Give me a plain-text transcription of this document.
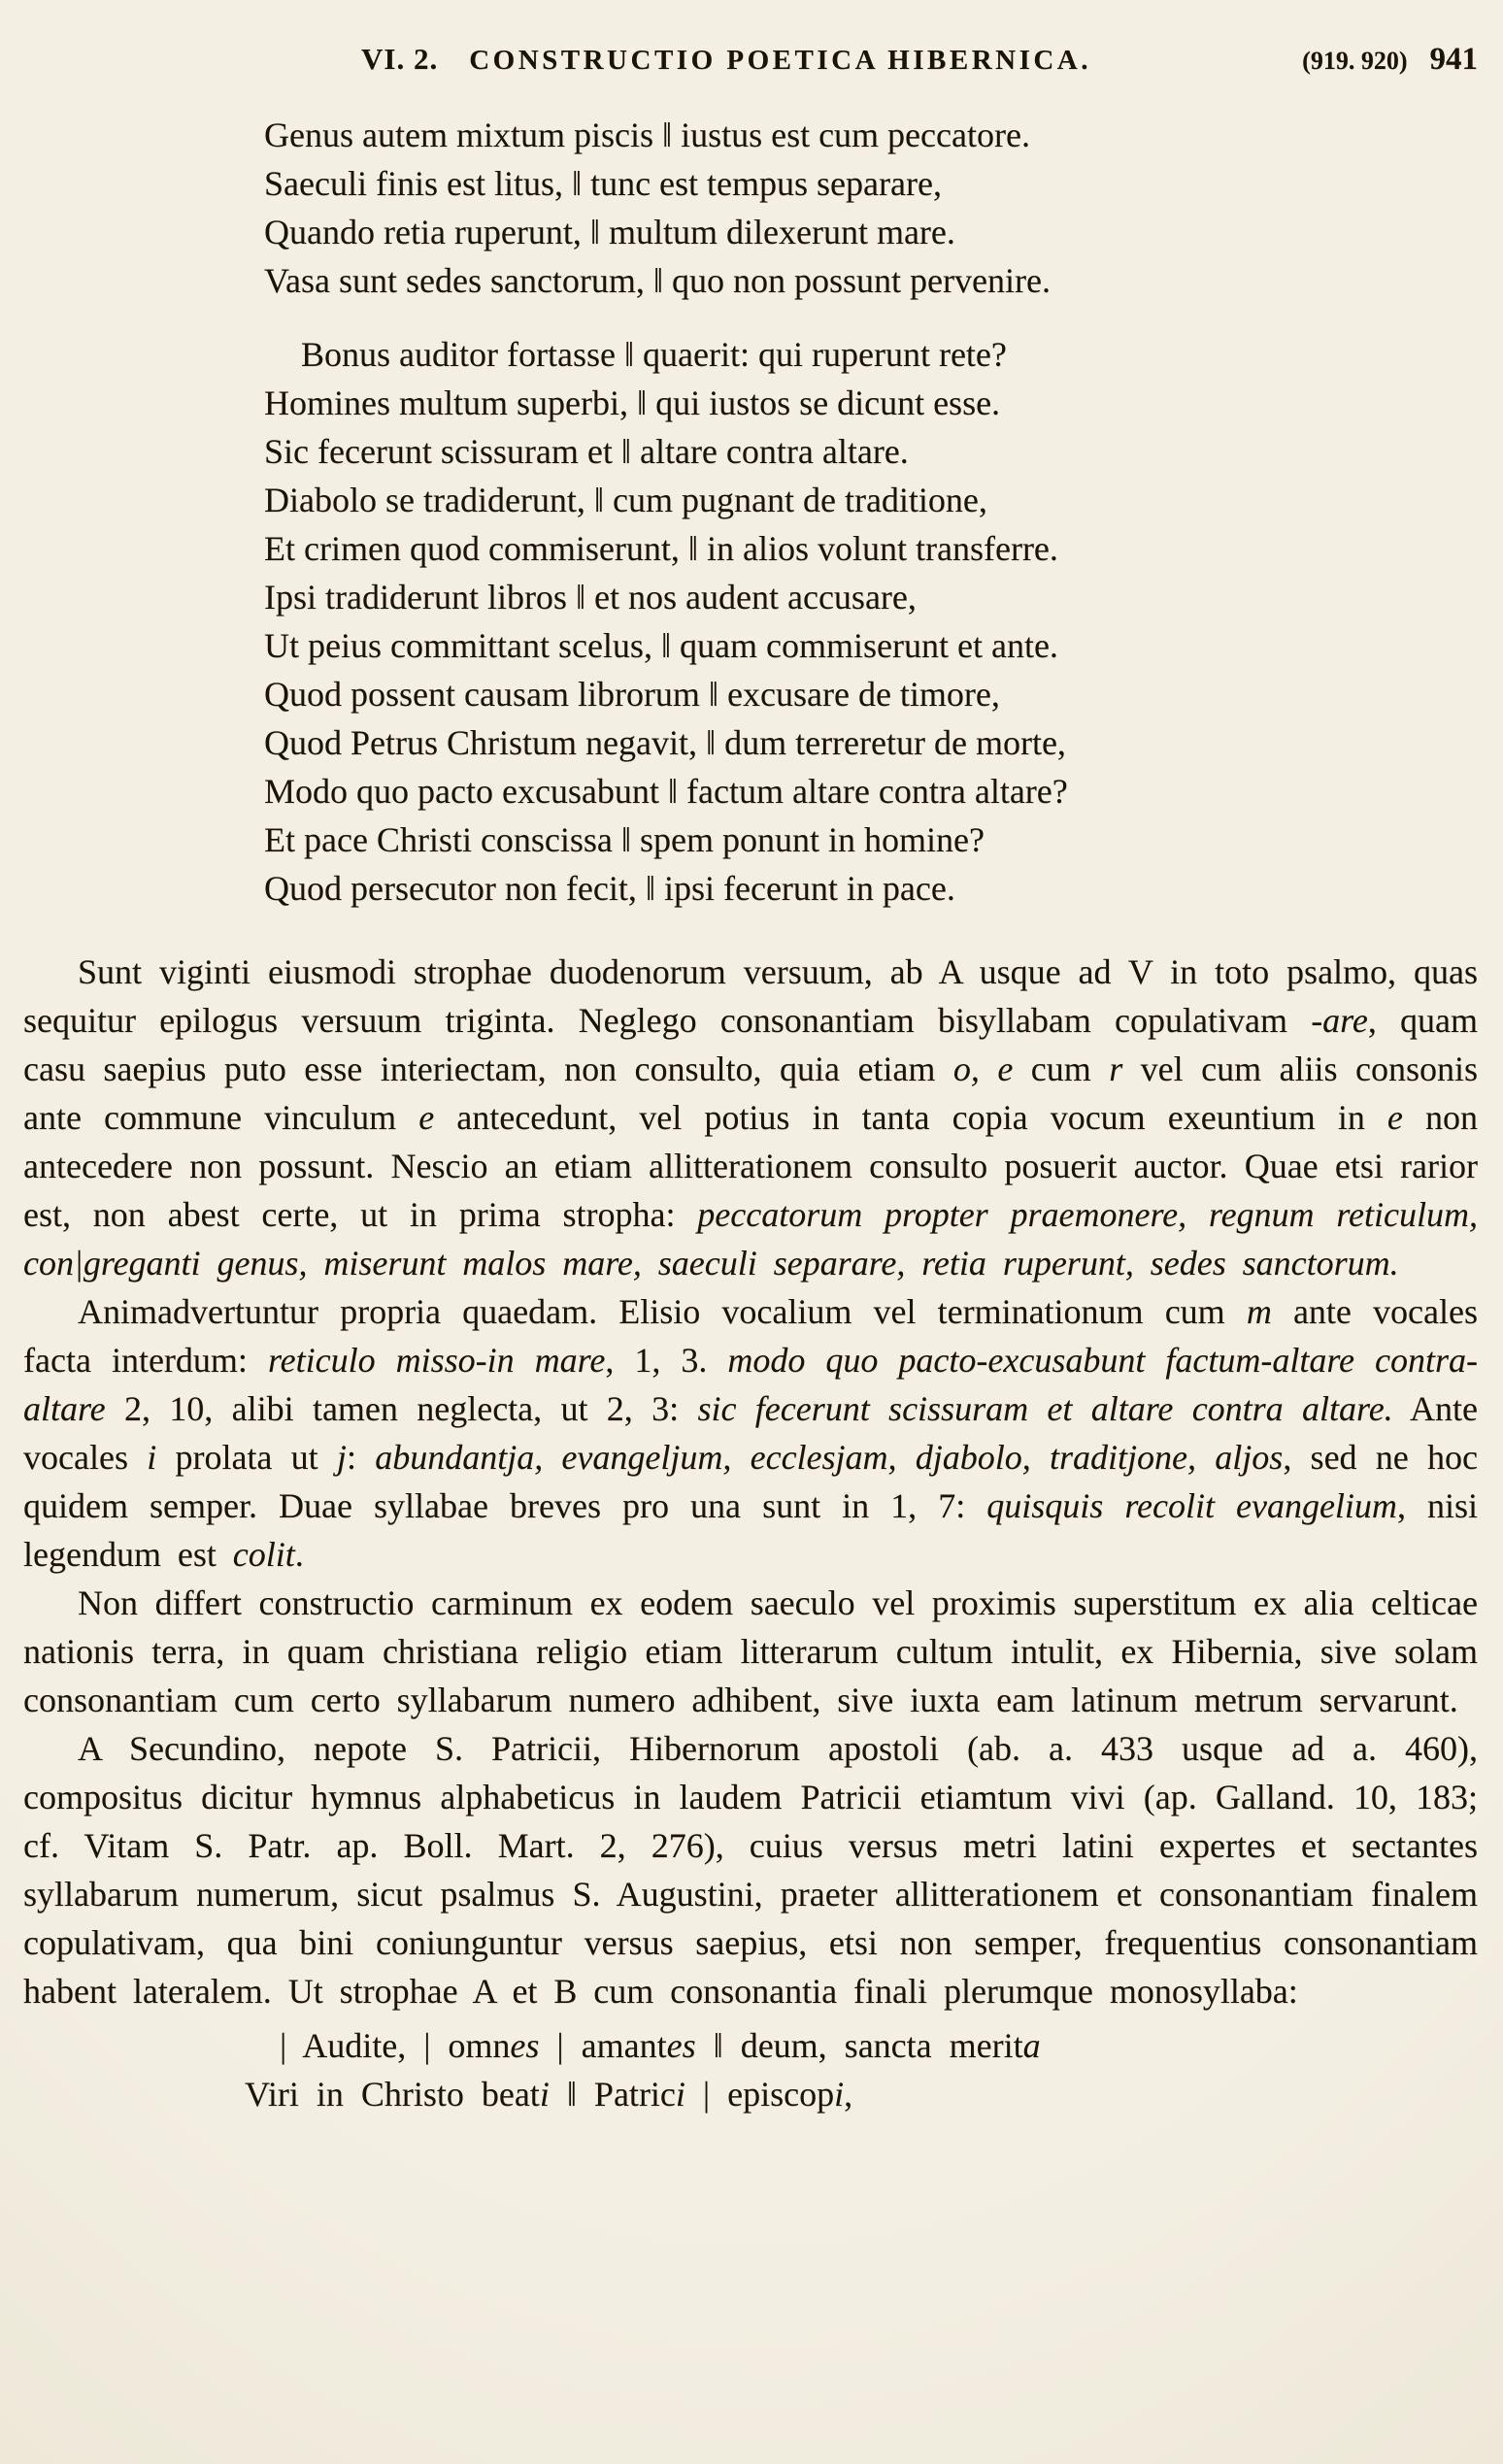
VI. 2. CONSTRUCTIO POETICA HIBERNICA.	(919. 920) 941
Genus autem mixtum piscis ‖ iustus est cum peccatore.
Saeculi finis est litus, ‖ tunc est tempus separare,
Quando retia ruperunt, ‖ multum dilexerunt mare.
Vasa sunt sedes sanctorum, ‖ quo non possunt pervenire.
Bonus auditor fortasse ‖ quaerit: qui ruperunt rete?
Homines multum superbi, ‖ qui iustos se dicunt esse.
Sic fecerunt scissuram et ‖ altare contra altare.
Diabolo se tradiderunt, ‖ cum pugnant de traditione,
Et crimen quod commiserunt, ‖ in alios volunt transferre.
Ipsi tradiderunt libros ‖ et nos audent accusare,
Ut peius committant scelus, ‖ quam commiserunt et ante.
Quod possent causam librorum ‖ excusare de timore,
Quod Petrus Christum negavit, ‖ dum terreretur de morte,
Modo quo pacto excusabunt ‖ factum altare contra altare?
Et pace Christi conscissa ‖ spem ponunt in homine?
Quod persecutor non fecit, ‖ ipsi fecerunt in pace.

Sunt viginti eiusmodi strophae duodenorum versuum, ab A usque ad V in toto psalmo, quas sequitur epilogus versuum triginta. Neglego consonantiam bisyllabam copulativam -are, quam casu saepius puto esse interiectam, non consulto, quia etiam o, e cum r vel cum aliis consonis ante commune vinculum e antecedunt, vel potius in tanta copia vocum exeuntium in e non antecedere non possunt. Nescio an etiam allitterationem consulto posuerit auctor. Quae etsi rarior est, non abest certe, ut in prima stropha: peccatorum propter praemonere, regnum reticulum, con|greganti genus, miserunt malos mare, saeculi separare, retia ruperunt, sedes sanctorum.

Animadvertuntur propria quaedam. Elisio vocalium vel terminationum cum m ante vocales facta interdum: reticulo misso-in mare, 1, 3. modo quo pacto-excusabunt factum-altare contra-altare 2, 10, alibi tamen neglecta, ut 2, 3: sic fecerunt scissuram et altare contra altare. Ante vocales i prolata ut j: abundantja, evangeljum, ecclesjam, djabolo, traditjone, aljos, sed ne hoc quidem semper. Duae syllabae breves pro una sunt in 1, 7: quisquis recolit evangelium, nisi legendum est colit.

Non differt constructio carminum ex eodem saeculo vel proximis superstitum ex alia celticae nationis terra, in quam christiana religio etiam litterarum cultum intulit, ex Hibernia, sive solam consonantiam cum certo syllabarum numero adhibent, sive iuxta eam latinum metrum servarunt.

A Secundino, nepote S. Patricii, Hibernorum apostoli (ab. a. 433 usque ad a. 460), compositus dicitur hymnus alphabeticus in laudem Patricii etiamtum vivi (ap. Galland. 10, 183; cf. Vitam S. Patr. ap. Boll. Mart. 2, 276), cuius versus metri latini expertes et sectantes syllabarum numerum, sicut psalmus S. Augustini, praeter allitterationem et consonantiam finalem copulativam, qua bini coniunguntur versus saepius, etsi non semper, frequentius consonantiam habent lateralem. Ut strophae A et B cum consonantia finali plerumque monosyllaba:

| Audite, | omnes | amantes ‖ deum, sancta merita
Viri in Christo beati ‖ Patrici | episcopi,
